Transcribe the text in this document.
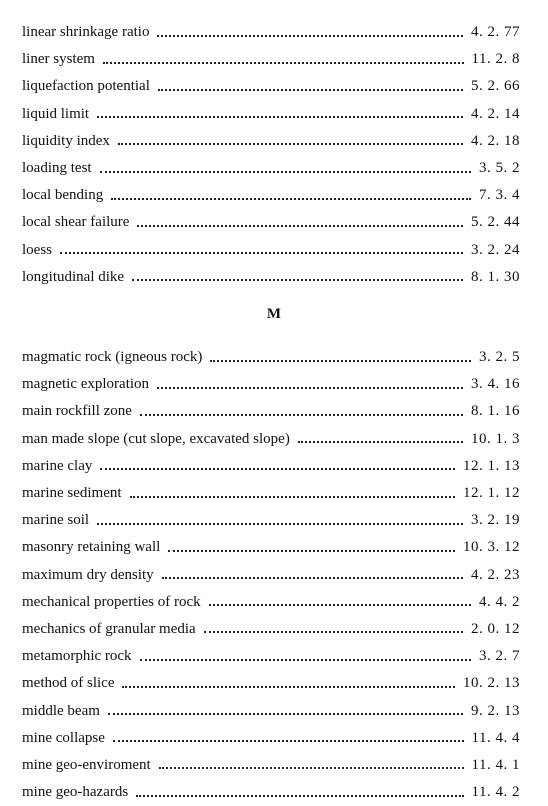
linear shrinkage ratio	4. 2. 77
liner system	11. 2. 8
liquefaction potential	5. 2. 66
liquid limit	4. 2. 14
liquidity index	4. 2. 18
loading test	3. 5. 2
local bending	7. 3. 4
local shear failure	5. 2. 44
loess	3. 2. 24
longitudinal dike	8. 1. 30
M
magmatic rock (igneous rock)	3. 2. 5
magnetic exploration	3. 4. 16
main rockfill zone	8. 1. 16
man made slope (cut slope, excavated slope)	10. 1. 3
marine clay	12. 1. 13
marine sediment	12. 1. 12
marine soil	3. 2. 19
masonry retaining wall	10. 3. 12
maximum dry density	4. 2. 23
mechanical properties of rock	4. 4. 2
mechanics of granular media	2. 0. 12
metamorphic rock	3. 2. 7
method of slice	10. 2. 13
middle beam	9. 2. 13
mine collapse	11. 4. 4
mine geo-enviroment	11. 4. 1
mine geo-hazards	11. 4. 2
